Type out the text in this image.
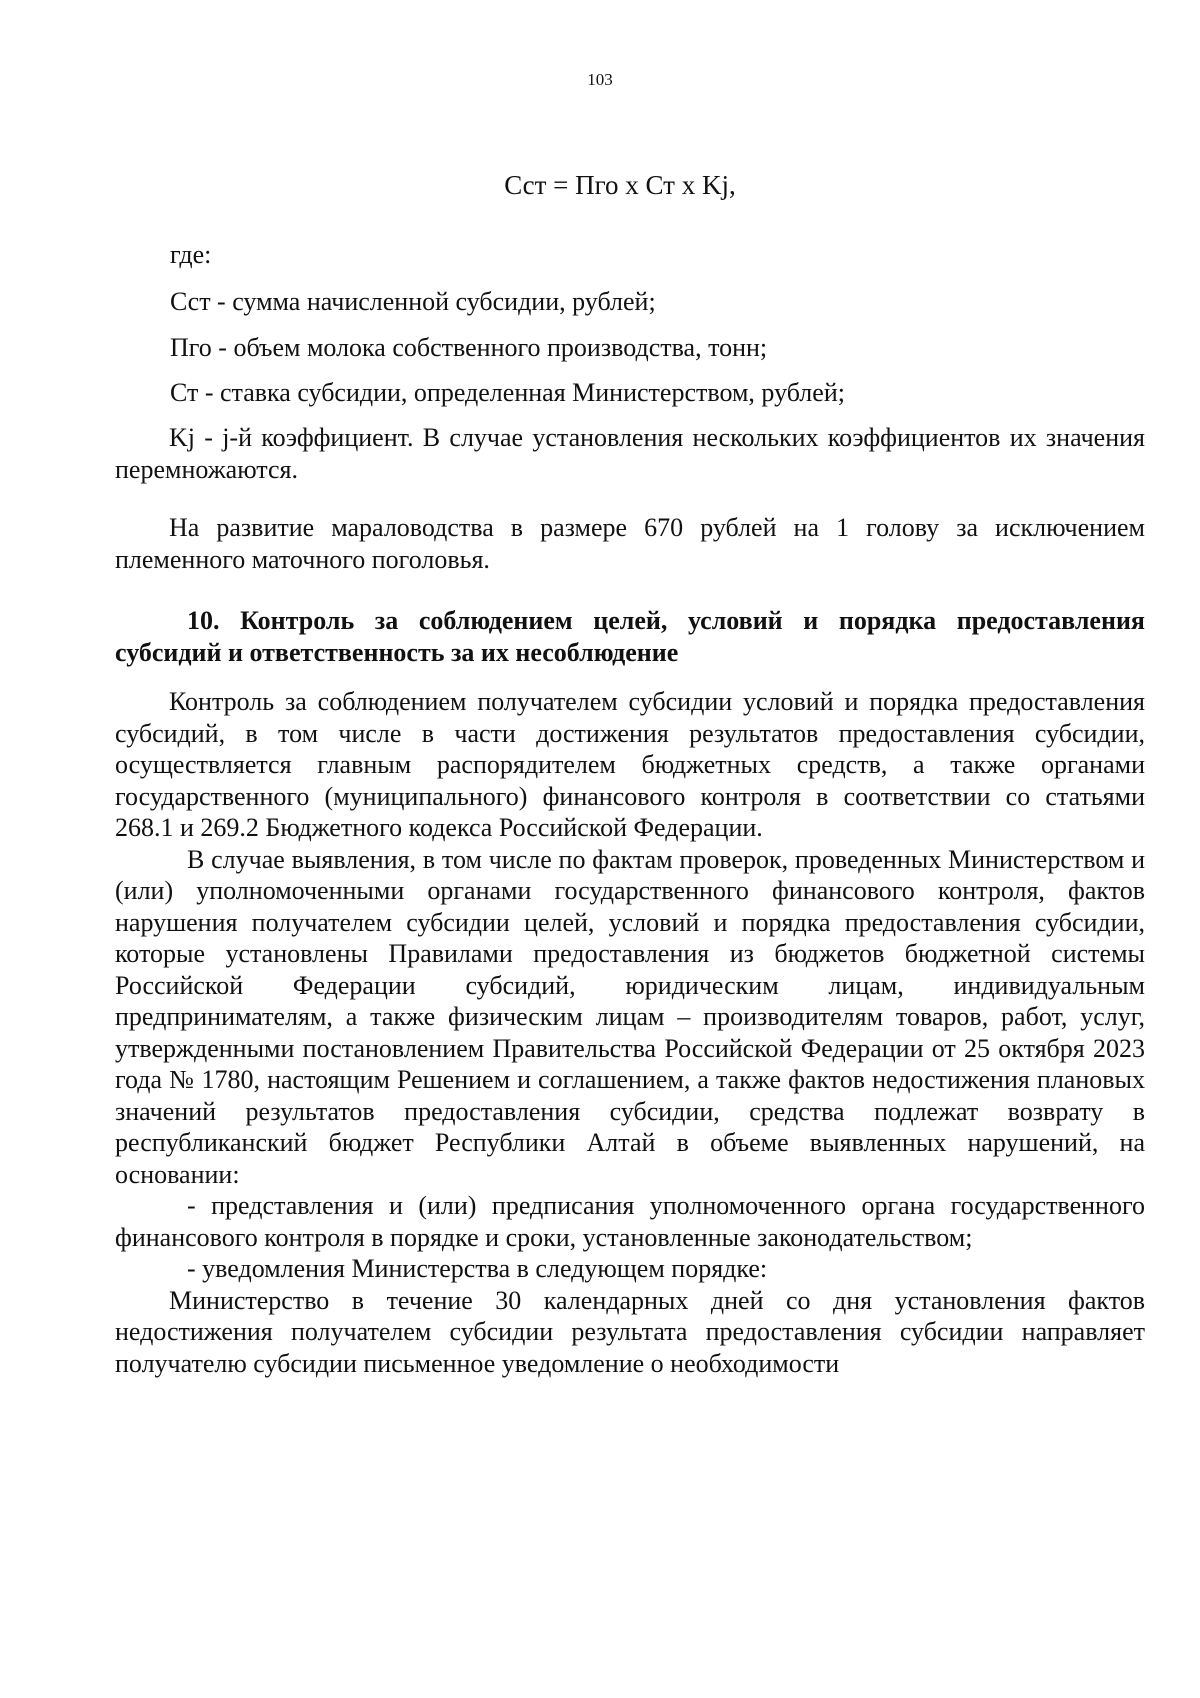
103
Сст = Пго х Ст х Kj,
где:
Сст - сумма начисленной субсидии, рублей;
Пго - объем молока собственного производства, тонн;
Ст - ставка субсидии, определенная Министерством, рублей;

Kj - j-й коэффициент. В случае установления нескольких коэффициентов их значения перемножаются.

На развитие мараловодства в размере 670 рублей на 1 голову за исключением племенного маточного поголовья.

10. Контроль за соблюдением целей, условий и порядка предоставления субсидий и ответственность за их несоблюдение

Контроль за соблюдением получателем субсидии условий и порядка предоставления субсидий, в том числе в части достижения результатов предоставления субсидии, осуществляется главным распорядителем бюджетных средств, а также органами государственного (муниципального) финансового контроля в соответствии со статьями 268.1 и 269.2 Бюджетного кодекса Российской Федерации.

В случае выявления, в том числе по фактам проверок, проведенных Министерством и (или) уполномоченными органами государственного финансового контроля, фактов нарушения получателем субсидии целей, условий и порядка предоставления субсидии, которые установлены Правилами предоставления из бюджетов бюджетной системы Российской Федерации субсидий, юридическим лицам, индивидуальным предпринимателям, а также физическим лицам – производителям товаров, работ, услуг, утвержденными постановлением Правительства Российской Федерации от 25 октября 2023 года № 1780, настоящим Решением и соглашением, а также фактов недостижения плановых значений результатов предоставления субсидии, средства подлежат возврату в республиканский бюджет Республики Алтай в объеме выявленных нарушений, на основании:

- представления и (или) предписания уполномоченного органа государственного финансового контроля в порядке и сроки, установленные законодательством;

- уведомления Министерства в следующем порядке:

Министерство в течение 30 календарных дней со дня установления фактов недостижения получателем субсидии результата предоставления субсидии направляет получателю субсидии письменное уведомление о необходимости
